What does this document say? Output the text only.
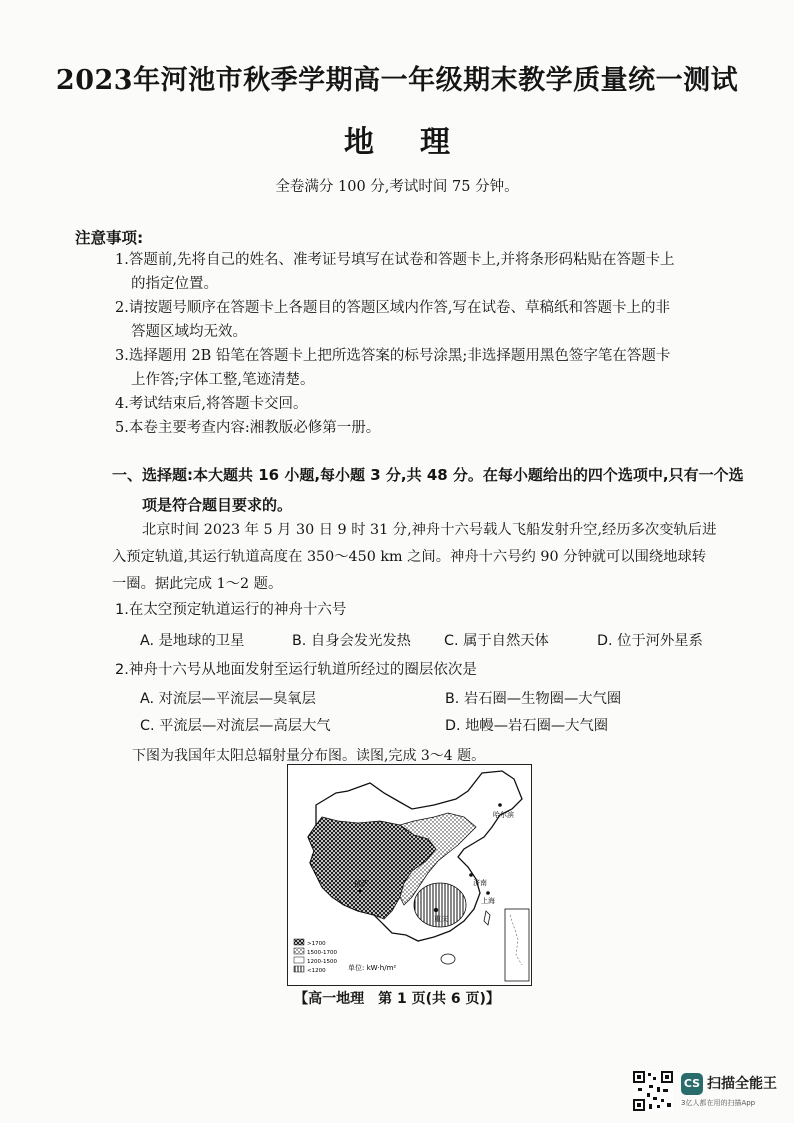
2023年河池市秋季学期高一年级期末教学质量统一测试
地理
全卷满分 100 分,考试时间 75 分钟。
注意事项:
1.答题前,先将自己的姓名、准考证号填写在试卷和答题卡上,并将条形码粘贴在答题卡上
的指定位置。
2.请按题号顺序在答题卡上各题目的答题区域内作答,写在试卷、草稿纸和答题卡上的非
答题区域均无效。
3.选择题用 2B 铅笔在答题卡上把所选答案的标号涂黑;非选择题用黑色签字笔在答题卡
上作答;字体工整,笔迹清楚。
4.考试结束后,将答题卡交回。
5.本卷主要考查内容:湘教版必修第一册。
一、选择题:本大题共 16 小题,每小题 3 分,共 48 分。在每小题给出的四个选项中,只有一个选
项是符合题目要求的。
北京时间 2023 年 5 月 30 日 9 时 31 分,神舟十六号载人飞船发射升空,经历多次变轨后进
入预定轨道,其运行轨道高度在 350～450 km 之间。神舟十六号约 90 分钟就可以围绕地球转
一圈。据此完成 1～2 题。
1.在太空预定轨道运行的神舟十六号
A. 是地球的卫星	B. 自身会发光发热 C. 属于自然天体	D. 位于河外星系
2.神舟十六号从地面发射至运行轨道所经过的圈层依次是
A. 对流层—平流层—臭氧层	B. 岩石圈—生物圈—大气圈
C. 平流层—对流层—高层大气	D. 地幔—岩石圈—大气圈
下图为我国年太阳总辐射量分布图。读图,完成 3～4 题。
哈尔滨
济南
上海
拉萨
重庆
>1700
1500-1700
1200-1500
<1200	单位: kW·h/m²
【高一地理　第 1 页(共 6 页)】
CS 扫描全能王
3亿人都在用的扫描App
